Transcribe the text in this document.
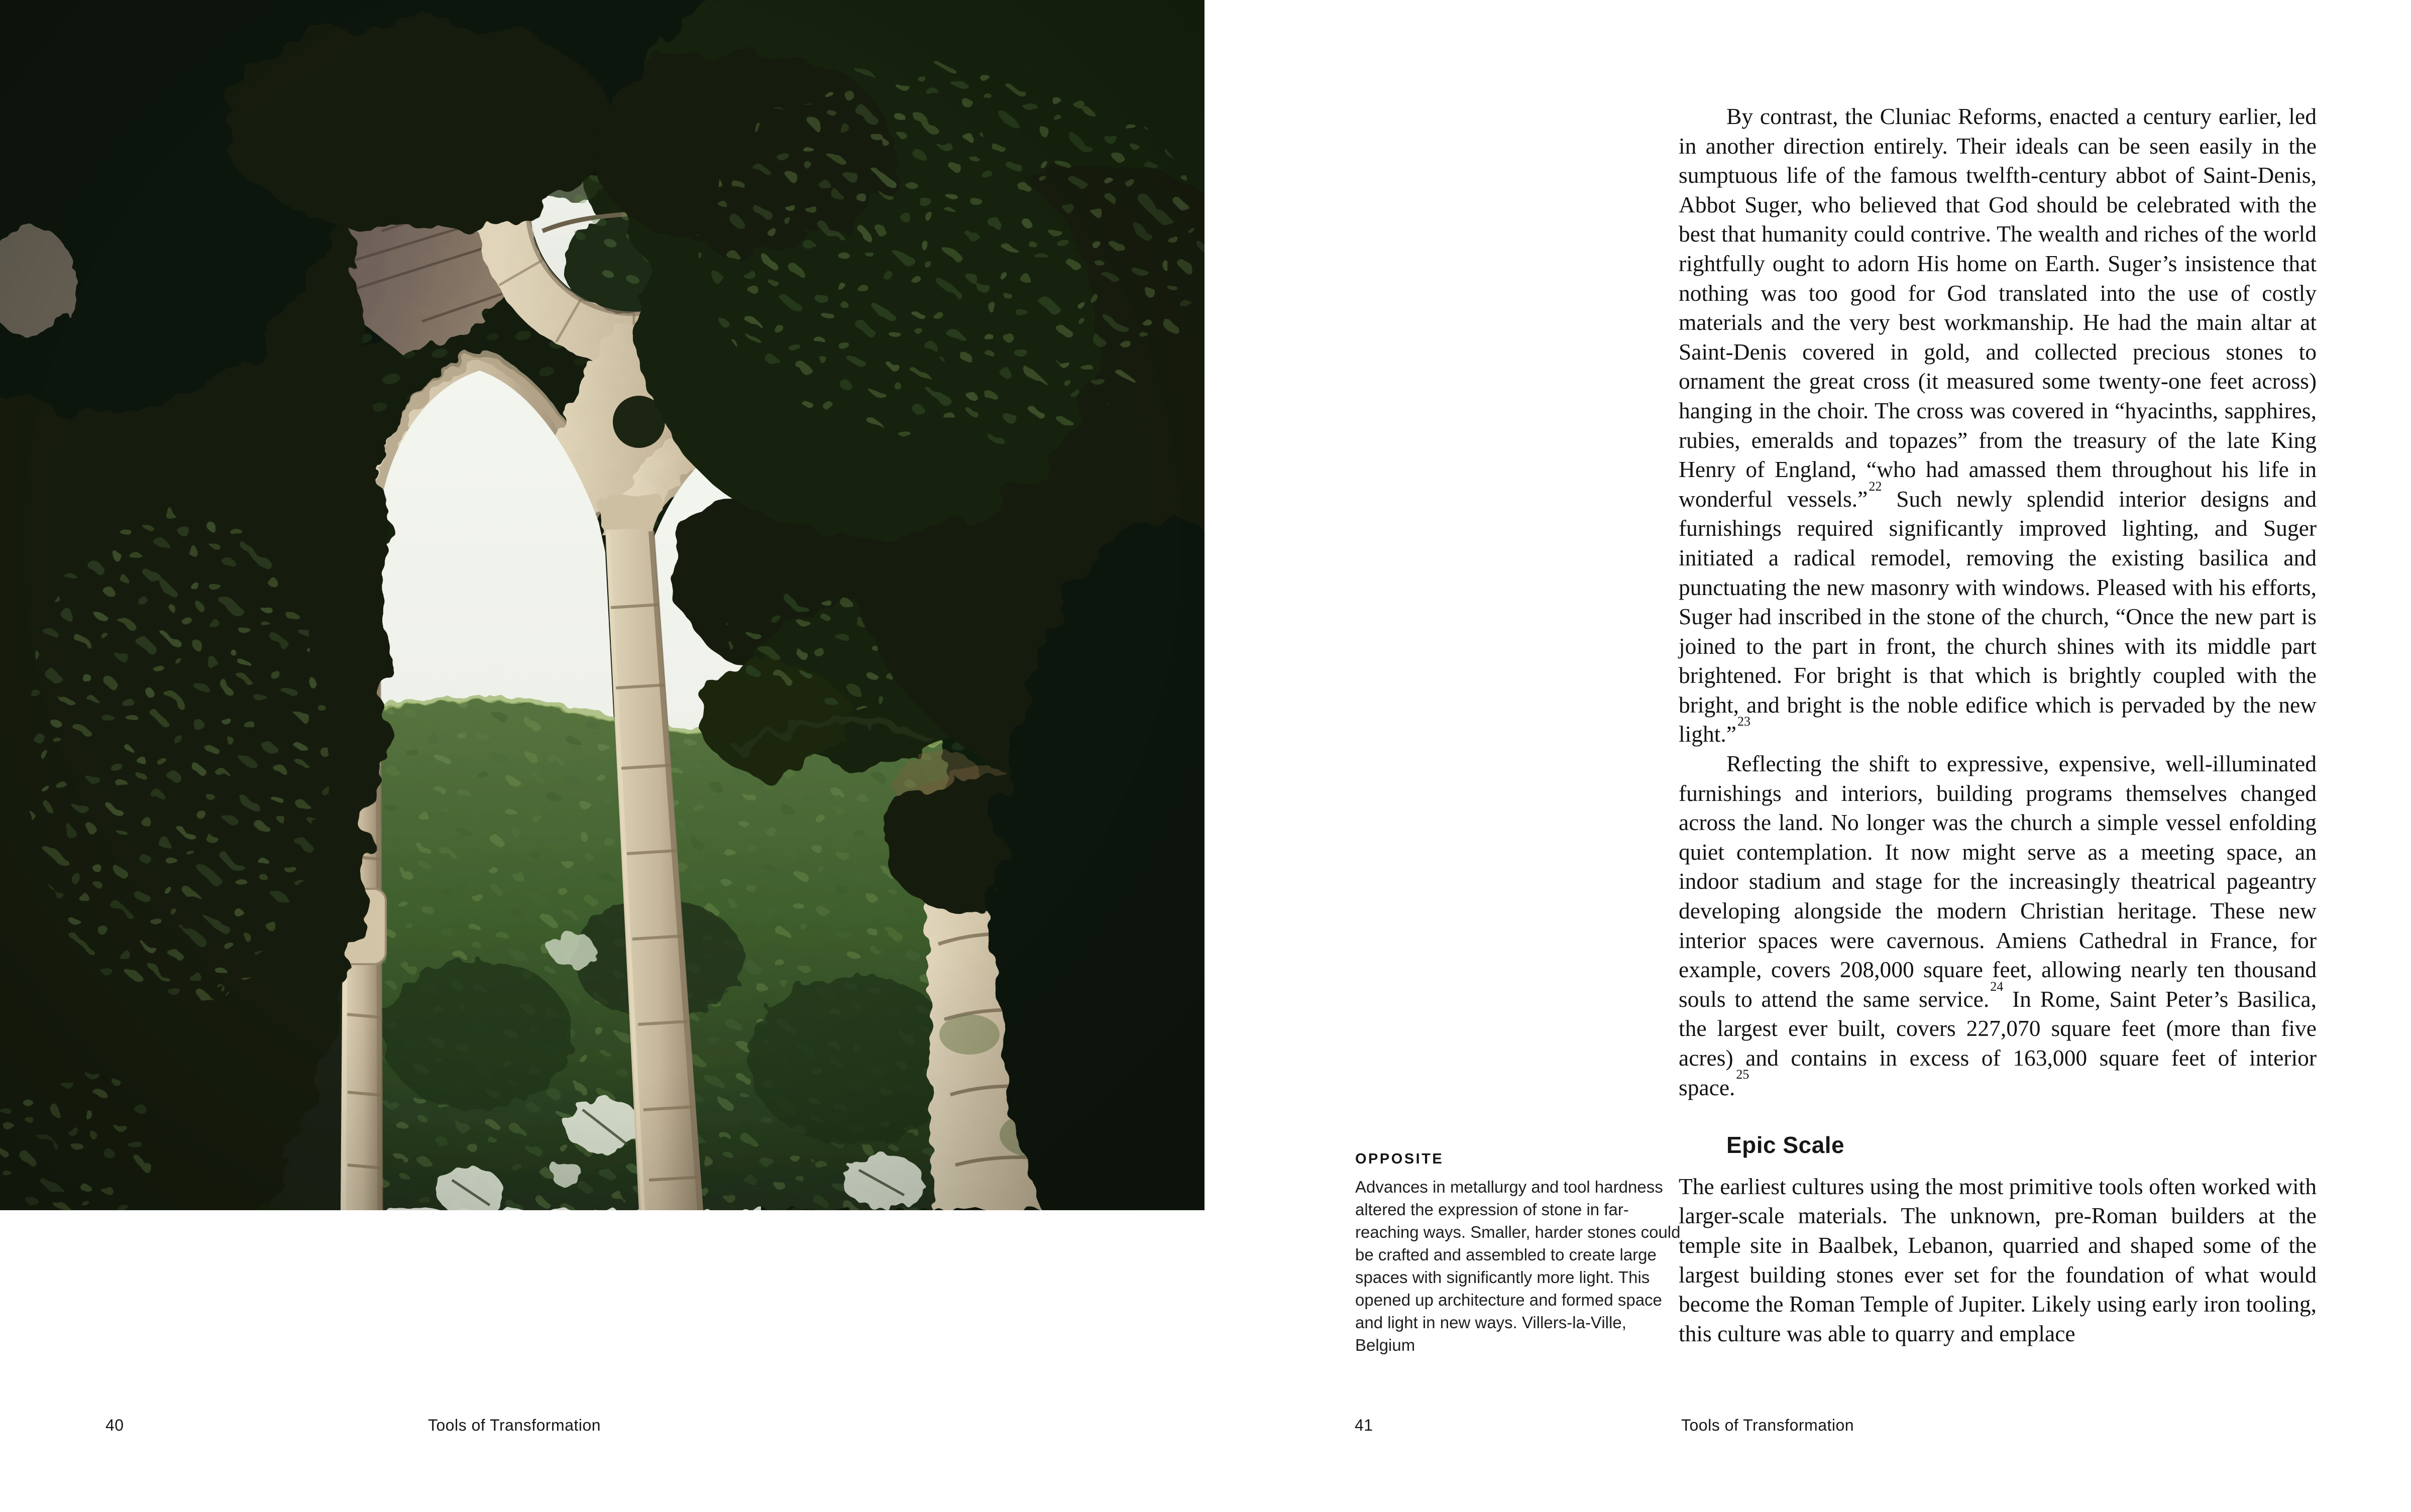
40	Tools of Transformation
OPPOSITE
Advances in metallurgy and tool hardness altered the expression of stone in far-reaching ways. Smaller, harder stones could be crafted and assembled to create large spaces with significantly more light. This opened up architecture and formed space and light in new ways. Villers-la-Ville, Belgium

By contrast, the Cluniac Reforms, enacted a century earlier, led in another direction entirely. Their ideals can be seen easily in the sumptuous life of the famous twelfth-century abbot of Saint-Denis, Abbot Suger, who believed that God should be celebrated with the best that humanity could contrive. The wealth and riches of the world rightfully ought to adorn His home on Earth. Suger’s insistence that nothing was too good for God translated into the use of costly materials and the very best workmanship. He had the main altar at Saint-Denis covered in gold, and collected precious stones to ornament the great cross (it measured some twenty-one feet across) hanging in the choir. The cross was covered in “hyacinths, sapphires, rubies, emeralds and topazes” from the treasury of the late King Henry of England, “who had amassed them throughout his life in wonderful vessels.”$^{22}$ Such newly splendid interior designs and furnishings required significantly improved lighting, and Suger initiated a radical remodel, removing the existing basilica and punctuating the new masonry with windows. Pleased with his efforts, Suger had inscribed in the stone of the church, “Once the new part is joined to the part in front, the church shines with its middle part brightened. For bright is that which is brightly coupled with the bright, and bright is the noble edifice which is pervaded by the new light.”$^{23}$

Reflecting the shift to expressive, expensive, well-illuminated furnishings and interiors, building programs themselves changed across the land. No longer was the church a simple vessel enfolding quiet contemplation. It now might serve as a meeting space, an indoor stadium and stage for the increasingly theatrical pageantry developing alongside the modern Christian heritage. These new interior spaces were cavernous. Amiens Cathedral in France, for example, covers 208,000 square feet, allowing nearly ten thousand souls to attend the same service.$^{24}$ In Rome, Saint Peter’s Basilica, the largest ever built, covers 227,070 square feet (more than five acres) and contains in excess of 163,000 square feet of interior space.$^{25}$

Epic Scale

The earliest cultures using the most primitive tools often worked with larger-scale materials. The unknown, pre-Roman builders at the temple site in Baalbek, Lebanon, quarried and shaped some of the largest building stones ever set for the foundation of what would become the Roman Temple of Jupiter. Likely using early iron tooling, this culture was able to quarry and emplace

41	Tools of Transformation
